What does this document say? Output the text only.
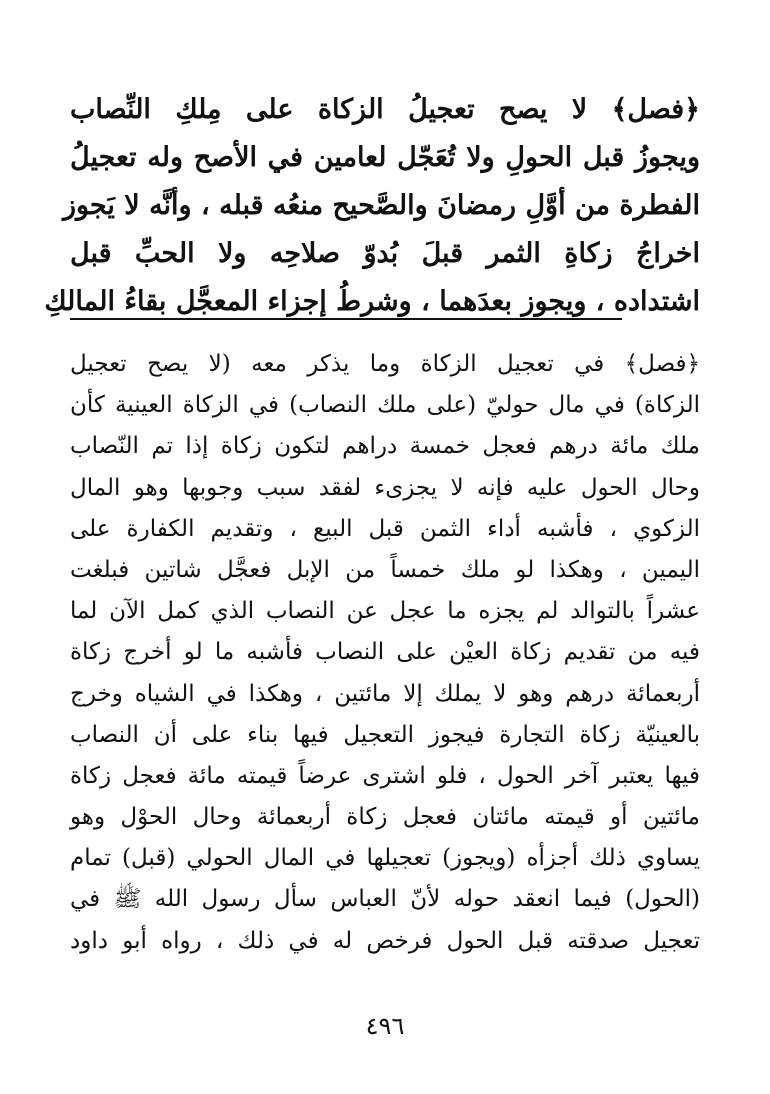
﴿فصل﴾ لا يصح تعجيلُ الزكاة على مِلكِ النِّصاب
ويجوزُ قبل الحولِ ولا تُعَجّل لعامين في الأصح وله تعجيلُ
الفطرة من أوَّلِ رمضانَ والصَّحيح منعُه قبله ، وأنَّه لا يَجوز
اخراجُ زكاةِ الثمر قبلَ بُدوّ صلاحِه ولا الحبِّ قبل
اشتداده ، ويجوز بعدَهما ، وشرطُ إجزاء المعجَّل بقاءُ المالكِ
﴿فصل﴾ في تعجيل الزكاة وما يذكر معه (لا يصح تعجيل
الزكاة) في مال حوليّ (على ملك النصاب) في الزكاة العينية كأن
ملك مائة درهم فعجل خمسة دراهم لتكون زكاة إذا تم النّصاب
وحال الحول عليه فإنه لا يجزىء لفقد سبب وجوبها وهو المال
الزكوي ، فأشبه أداء الثمن قبل البيع ، وتقديم الكفارة على
اليمين ، وهكذا لو ملك خمساً من الإبل فعجَّل شاتين فبلغت
عشراً بالتوالد لم يجزه ما عجل عن النصاب الذي كمل الآن لما
فيه من تقديم زكاة العيْن على النصاب فأشبه ما لو أخرج زكاة
أربعمائة درهم وهو لا يملك إلا مائتين ، وهكذا في الشياه وخرج
بالعينيّة زكاة التجارة فيجوز التعجيل فيها بناء على أن النصاب
فيها يعتبر آخر الحول ، فلو اشترى عرضاً قيمته مائة فعجل زكاة
مائتين أو قيمته مائتان فعجل زكاة أربعمائة وحال الحوْل وهو
يساوي ذلك أجزأه (ويجوز) تعجيلها في المال الحولي (قبل) تمام
(الحول) فيما انعقد حوله لأنّ العباس سأل رسول الله ﷺ في
تعجيل صدقته قبل الحول فرخص له في ذلك ، رواه أبو داود
٤٩٦
